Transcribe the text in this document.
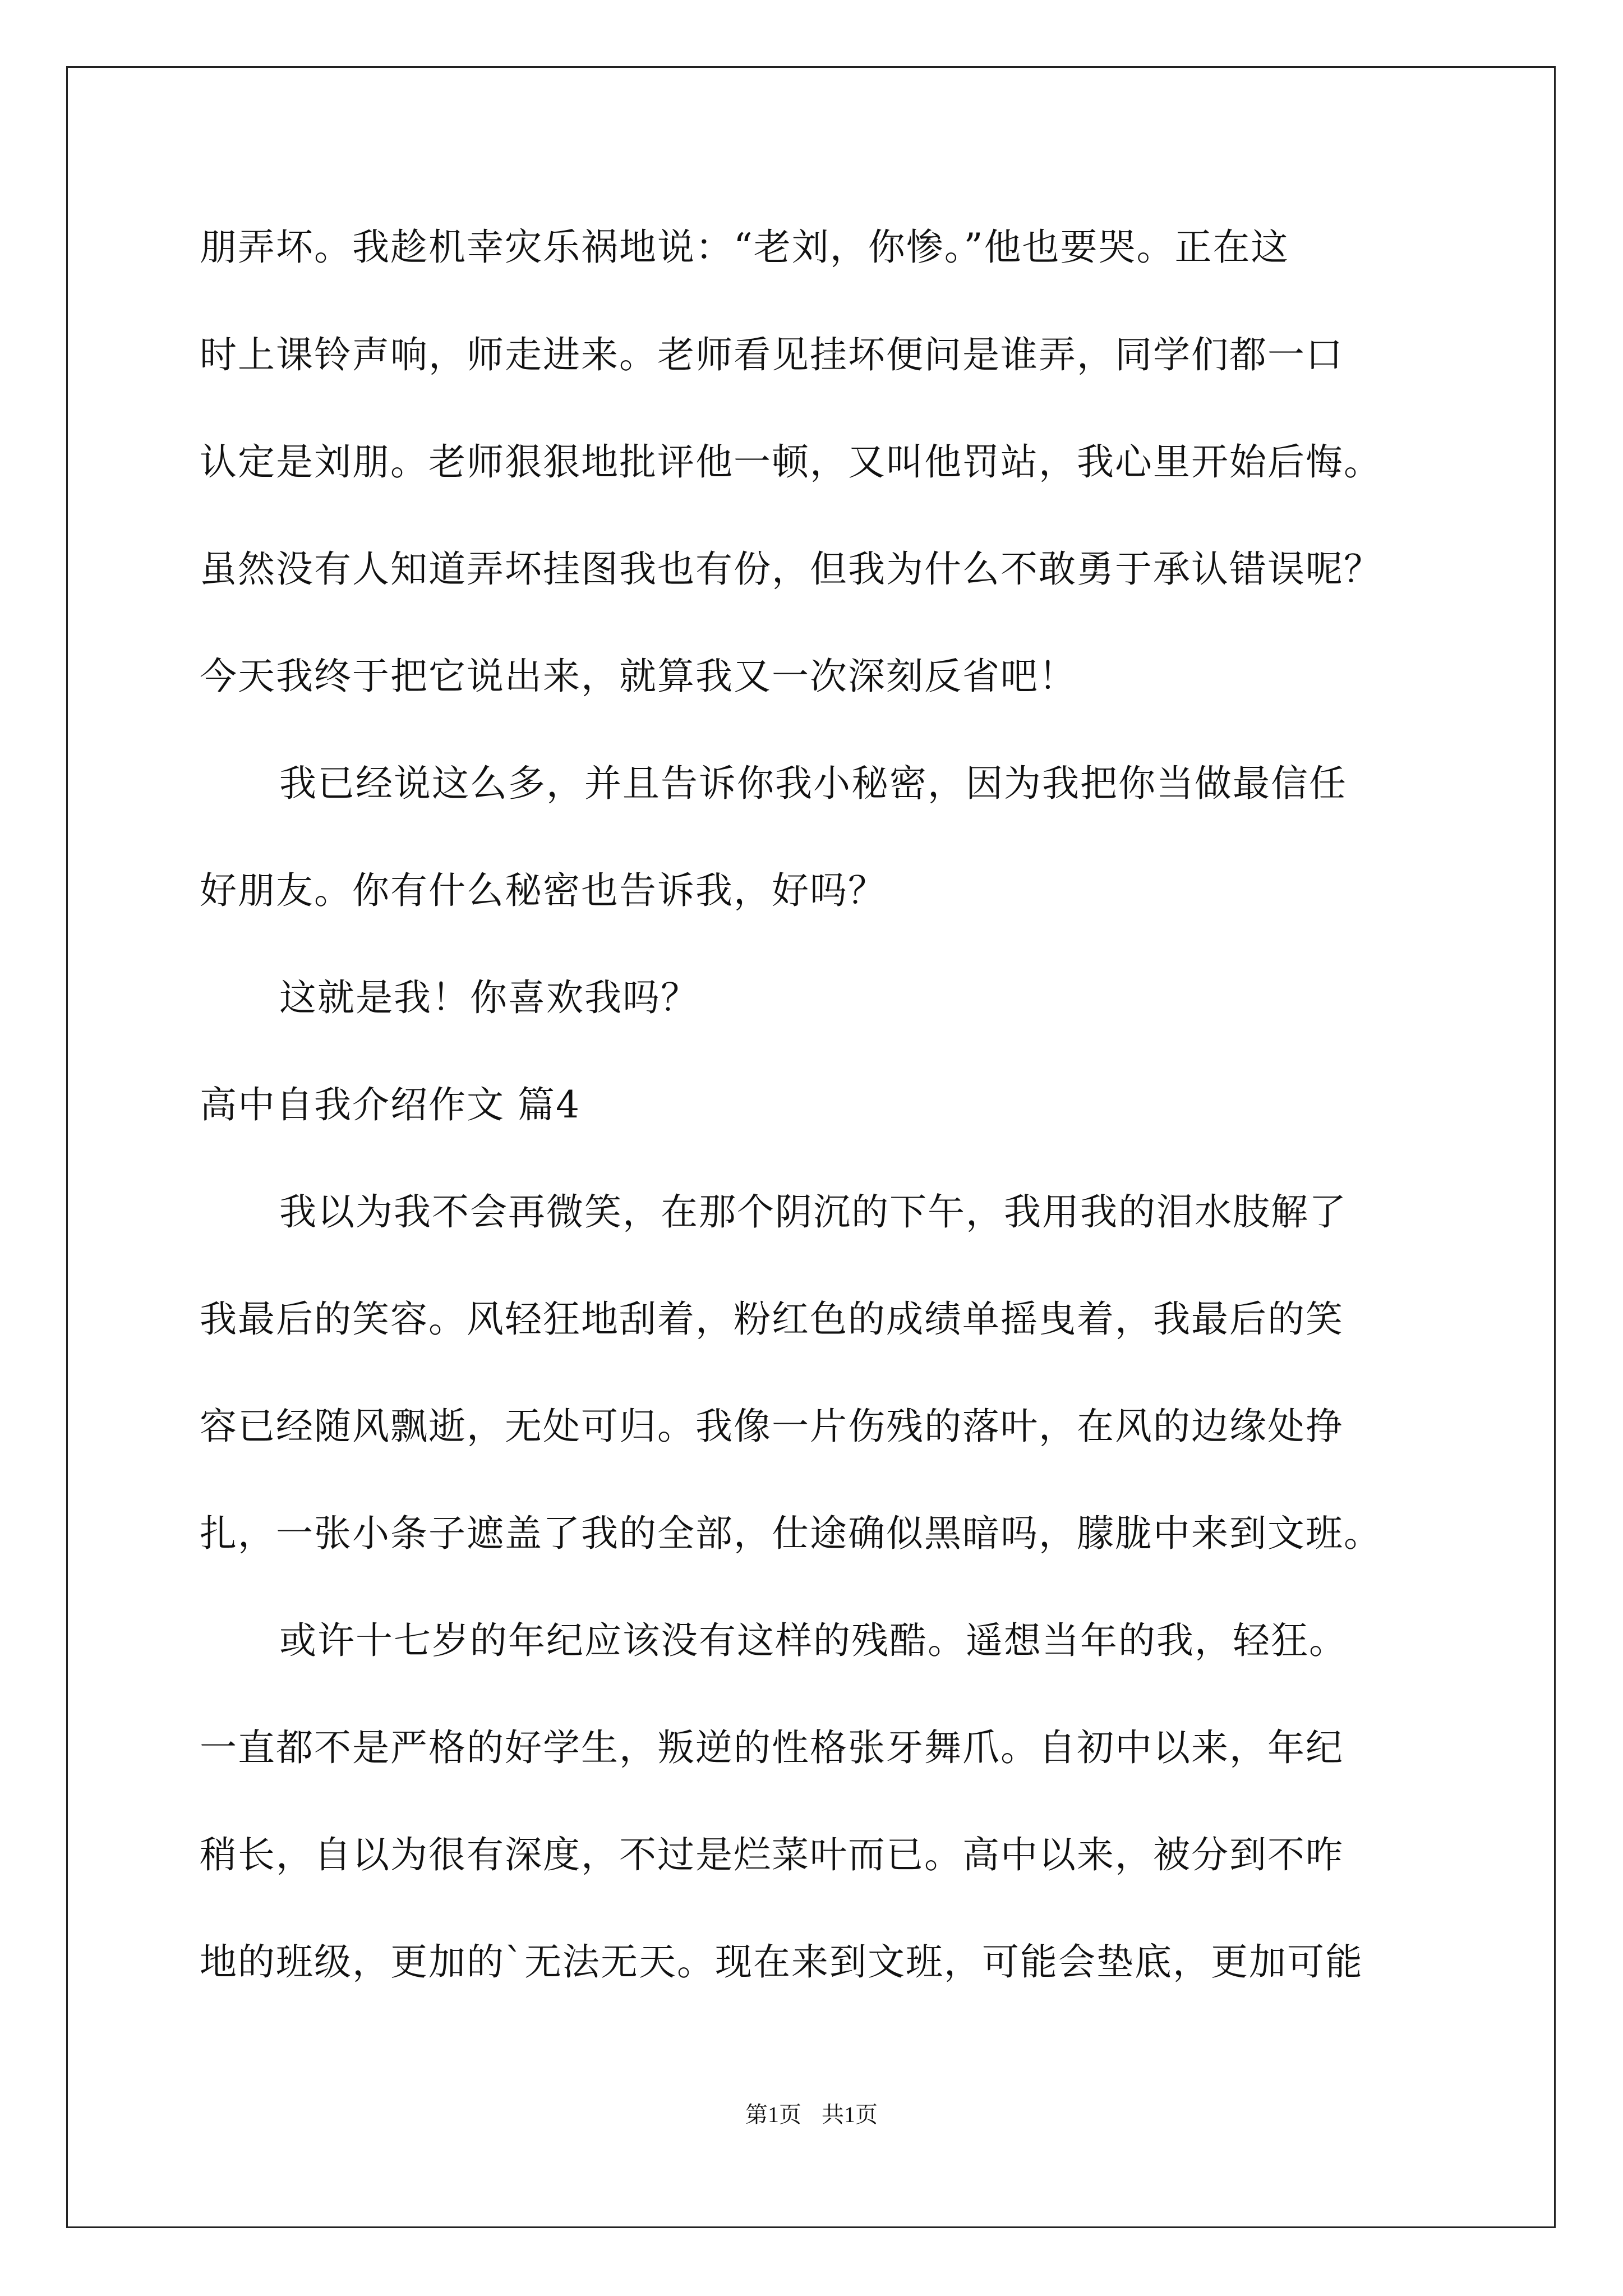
朋弄坏。我趁机幸灾乐祸地说：“老刘，你惨。”他也要哭。正在这
时上课铃声响，师走进来。老师看见挂坏便问是谁弄，同学们都一口
认定是刘朋。老师狠狠地批评他一顿，又叫他罚站，我心里开始后悔。
虽然没有人知道弄坏挂图我也有份，但我为什么不敢勇于承认错误呢？
今天我终于把它说出来，就算我又一次深刻反省吧！
我已经说这么多，并且告诉你我小秘密，因为我把你当做最信任
好朋友。你有什么秘密也告诉我，好吗？
这就是我！你喜欢我吗？
高中自我介绍作文 篇4
我以为我不会再微笑，在那个阴沉的下午，我用我的泪水肢解了
我最后的笑容。风轻狂地刮着，粉红色的成绩单摇曳着，我最后的笑
容已经随风飘逝，无处可归。我像一片伤残的落叶，在风的边缘处挣
扎，一张小条子遮盖了我的全部，仕途确似黑暗吗，朦胧中来到文班。
或许十七岁的年纪应该没有这样的残酷。遥想当年的我，轻狂。
一直都不是严格的好学生，叛逆的性格张牙舞爪。自初中以来，年纪
稍长，自以为很有深度，不过是烂菜叶而已。高中以来，被分到不咋
地的班级，更加的`无法无天。现在来到文班，可能会垫底，更加可能
第1页 共1页
